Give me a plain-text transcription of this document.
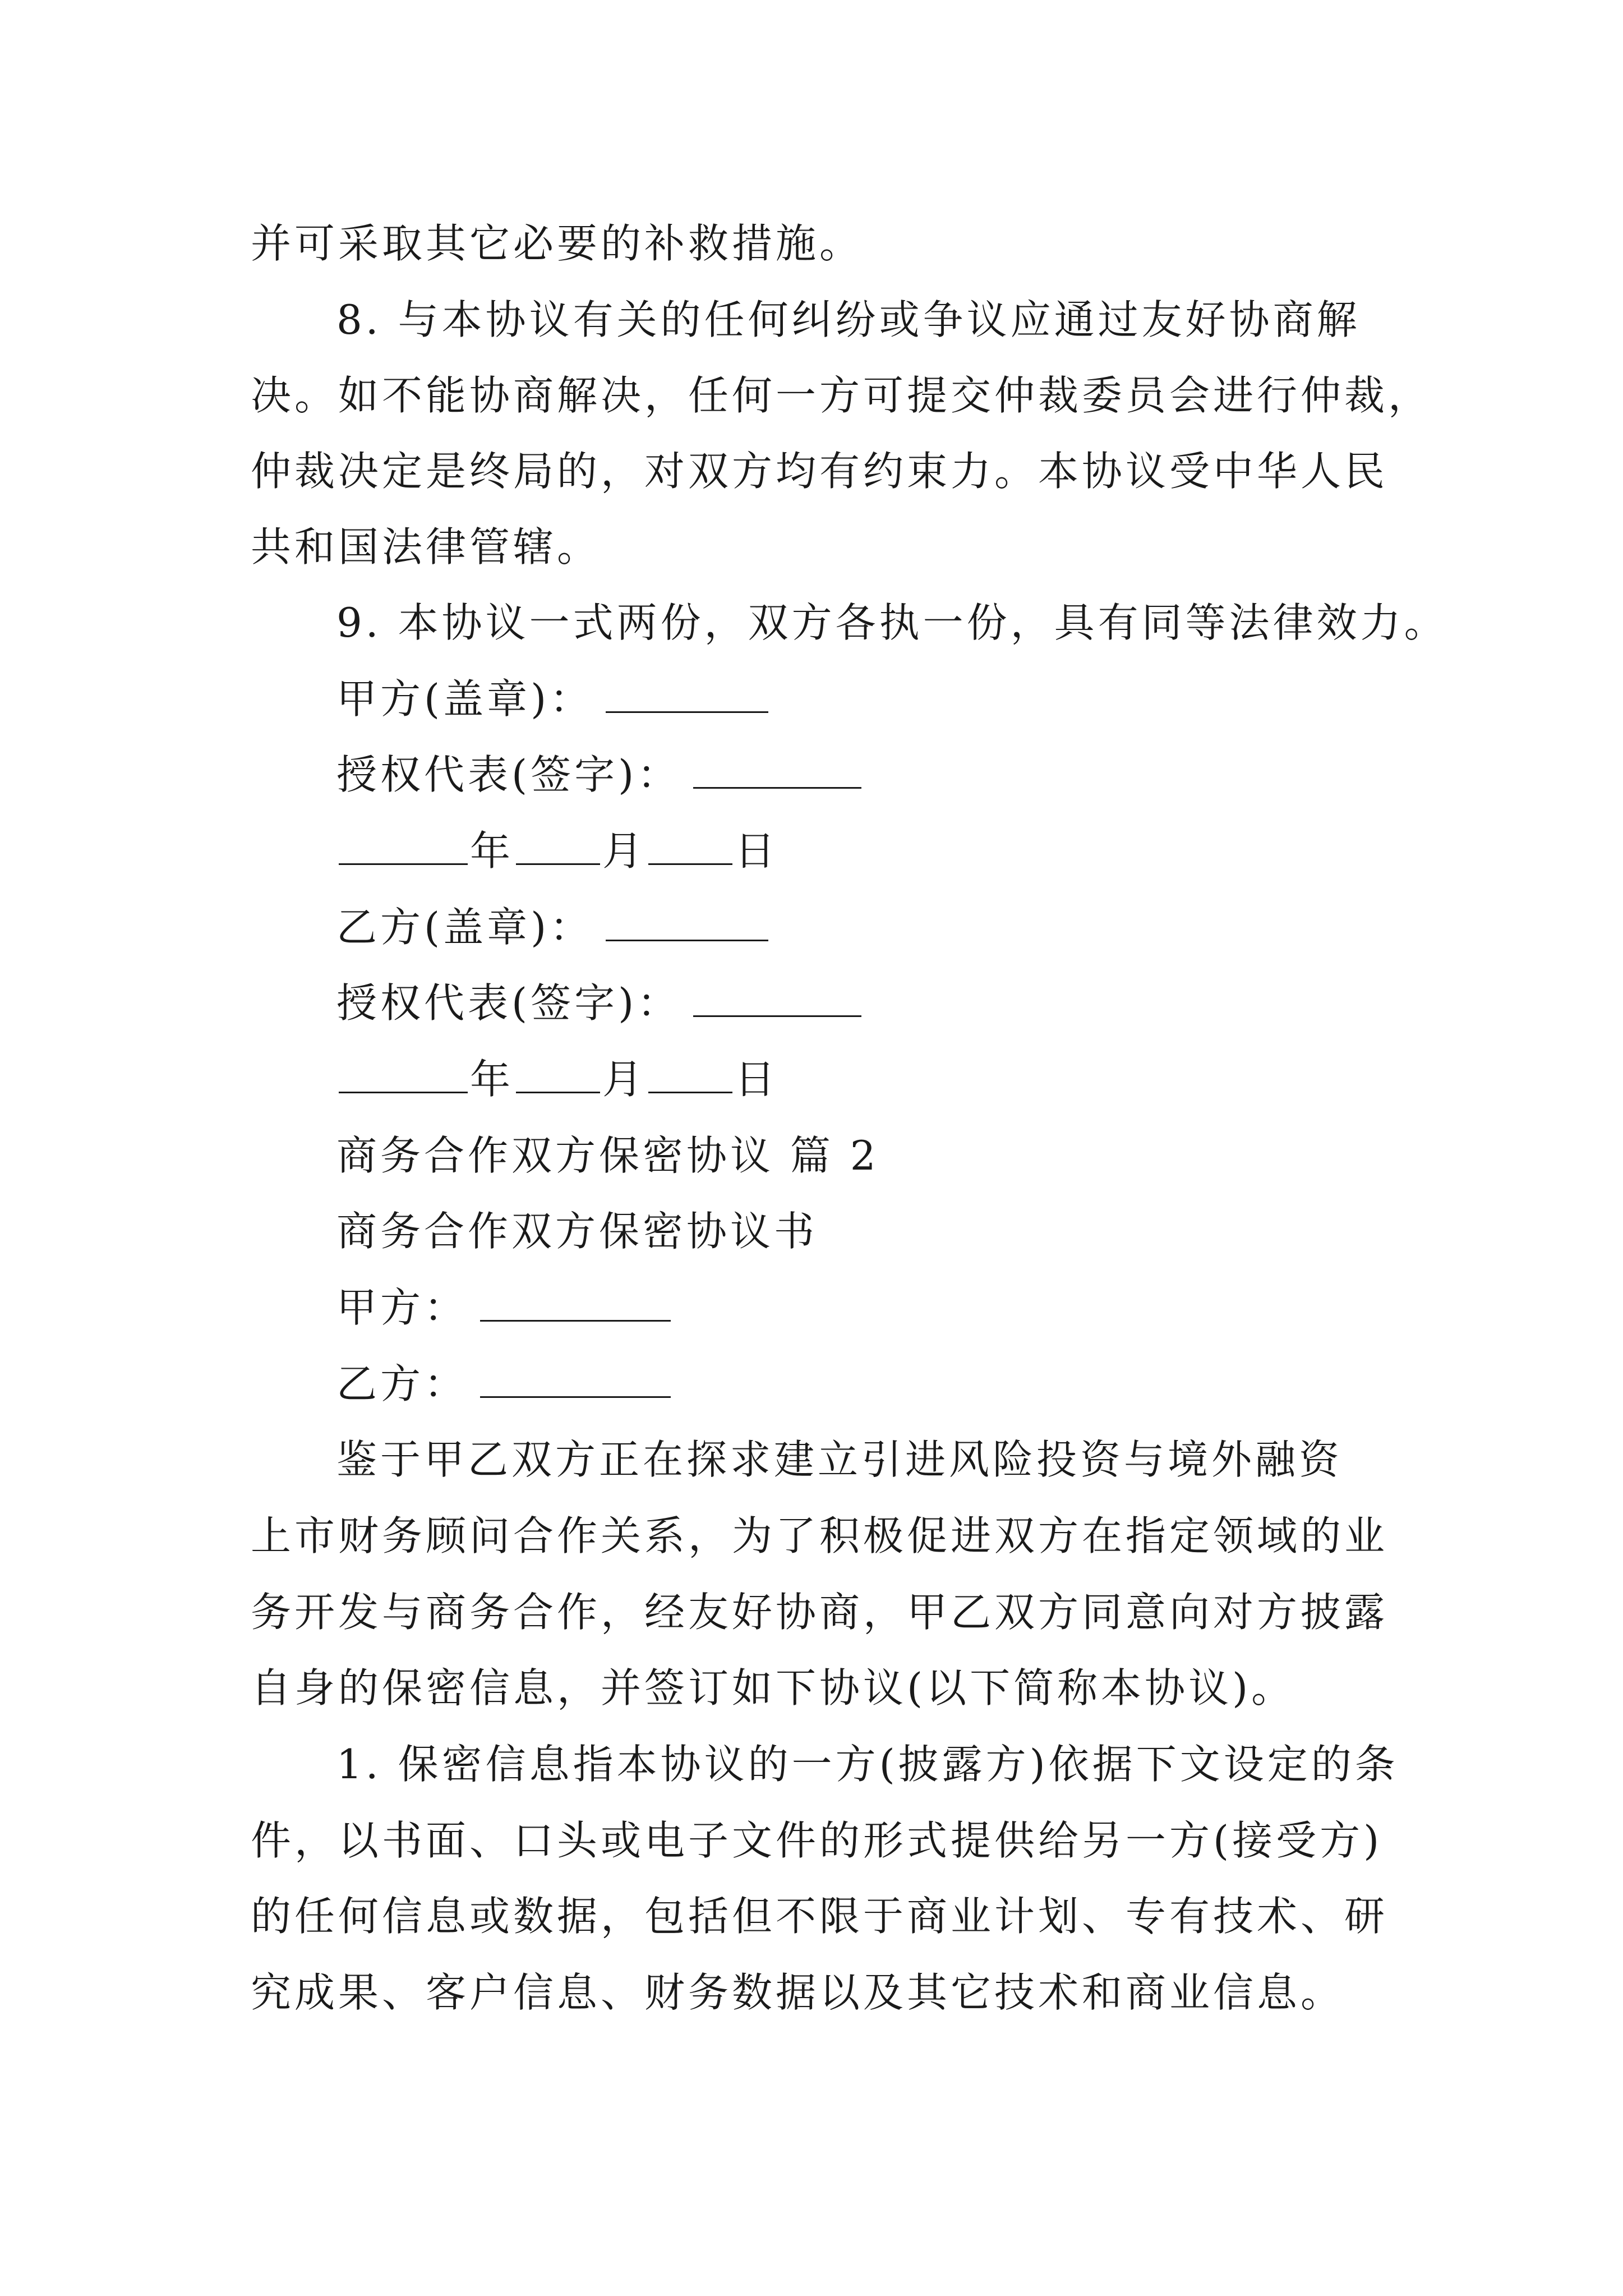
并可采取其它必要的补救措施。
8. 与本协议有关的任何纠纷或争议应通过友好协商解
决。如不能协商解决，任何一方可提交仲裁委员会进行仲裁，
仲裁决定是终局的，对双方均有约束力。本协议受中华人民
共和国法律管辖。
9. 本协议一式两份，双方各执一份，具有同等法律效力。
甲方(盖章)：
授权代表(签字)：
年 月 日
乙方(盖章)：
授权代表(签字)：
年 月 日
商务合作双方保密协议 篇 2
商务合作双方保密协议书
甲方：
乙方：
鉴于甲乙双方正在探求建立引进风险投资与境外融资
上市财务顾问合作关系，为了积极促进双方在指定领域的业
务开发与商务合作，经友好协商，甲乙双方同意向对方披露
自身的保密信息，并签订如下协议(以下简称本协议)。
1. 保密信息指本协议的一方(披露方)依据下文设定的条
件，以书面、口头或电子文件的形式提供给另一方(接受方)
的任何信息或数据，包括但不限于商业计划、专有技术、研
究成果、客户信息、财务数据以及其它技术和商业信息。
